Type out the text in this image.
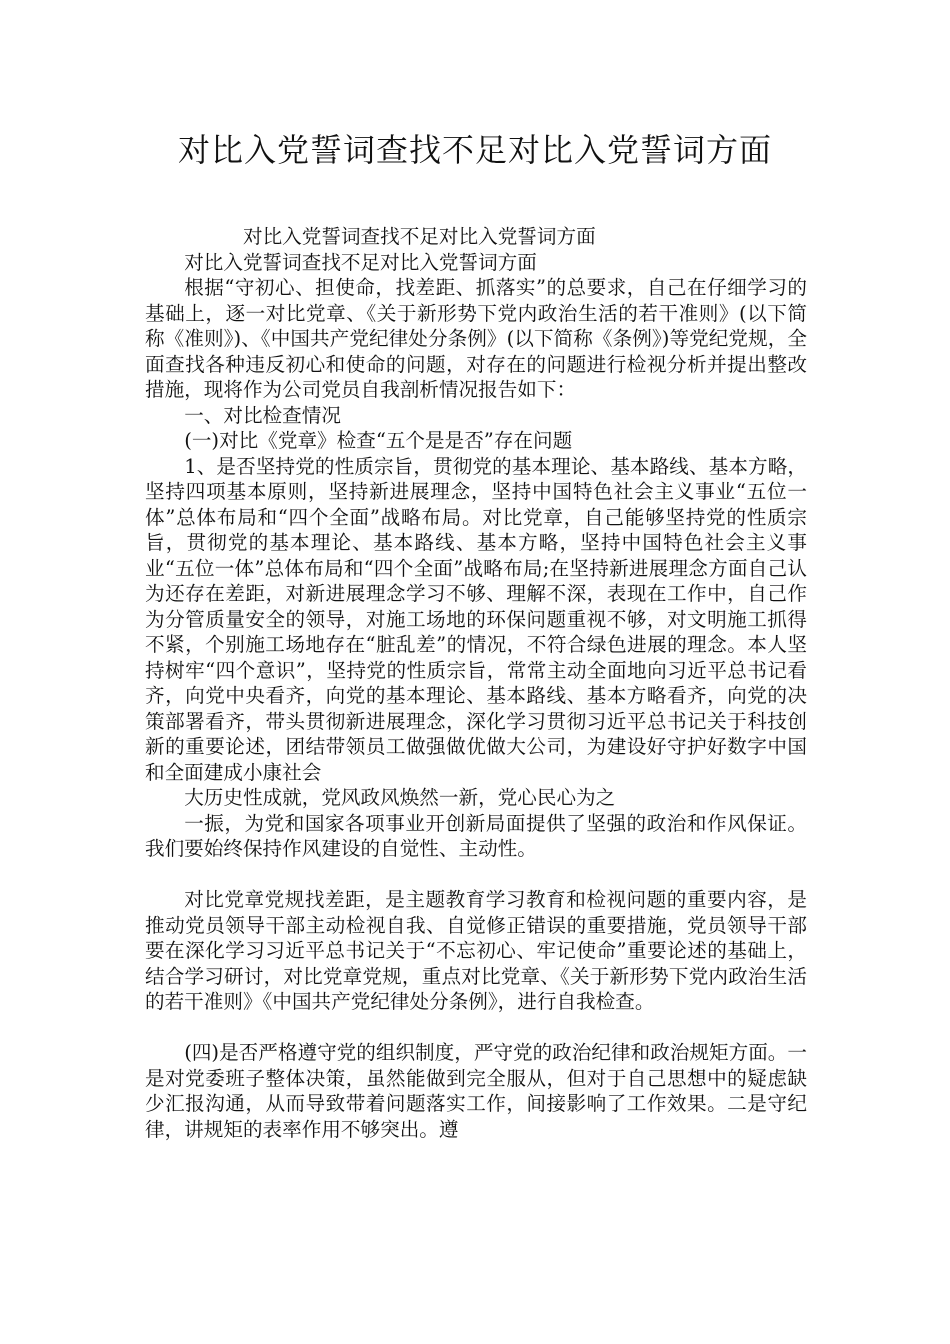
对比入党誓词查找不足对比入党誓词方面

对比入党誓词查找不足对比入党誓词方面

对比入党誓词查找不足对比入党誓词方面

根据“守初心、担使命，找差距、抓落实”的总要求，自己在仔细学习的基础上，逐一对比党章、《关于新形势下党内政治生活的若干准则》(以下简称《准则》)、《中国共产党纪律处分条例》(以下简称《条例》)等党纪党规，全面查找各种违反初心和使命的问题，对存在的问题进行检视分析并提出整改措施，现将作为公司党员自我剖析情况报告如下：

一、对比检查情况

(一)对比《党章》检查“五个是是否”存在问题

1、是否坚持党的性质宗旨，贯彻党的基本理论、基本路线、基本方略，坚持四项基本原则，坚持新进展理念，坚持中国特色社会主义事业“五位一体”总体布局和“四个全面”战略布局。对比党章，自己能够坚持党的性质宗旨，贯彻党的基本理论、基本路线、基本方略，坚持中国特色社会主义事业“五位一体”总体布局和“四个全面”战略布局;在坚持新进展理念方面自己认为还存在差距，对新进展理念学习不够、理解不深，表现在工作中，自己作为分管质量安全的领导，对施工场地的环保问题重视不够，对文明施工抓得不紧，个别施工场地存在“脏乱差”的情况，不符合绿色进展的理念。本人坚持树牢“四个意识”，坚持党的性质宗旨，常常主动全面地向习近平总书记看齐，向党中央看齐，向党的基本理论、基本路线、基本方略看齐，向党的决策部署看齐，带头贯彻新进展理念，深化学习贯彻习近平总书记关于科技创新的重要论述，团结带领员工做强做优做大公司，为建设好守护好数字中国和全面建成小康社会

大历史性成就，党风政风焕然一新，党心民心为之

一振，为党和国家各项事业开创新局面提供了坚强的政治和作风保证。我们要始终保持作风建设的自觉性、主动性。

对比党章党规找差距，是主题教育学习教育和检视问题的重要内容，是推动党员领导干部主动检视自我、自觉修正错误的重要措施，党员领导干部要在深化学习习近平总书记关于“不忘初心、牢记使命”重要论述的基础上，结合学习研讨，对比党章党规，重点对比党章、《关于新形势下党内政治生活的若干准则》《中国共产党纪律处分条例》，进行自我检查。

(四)是否严格遵守党的组织制度，严守党的政治纪律和政治规矩方面。一是对党委班子整体决策，虽然能做到完全服从，但对于自己思想中的疑虑缺少汇报沟通，从而导致带着问题落实工作，间接影响了工作效果。二是守纪律，讲规矩的表率作用不够突出。遵
